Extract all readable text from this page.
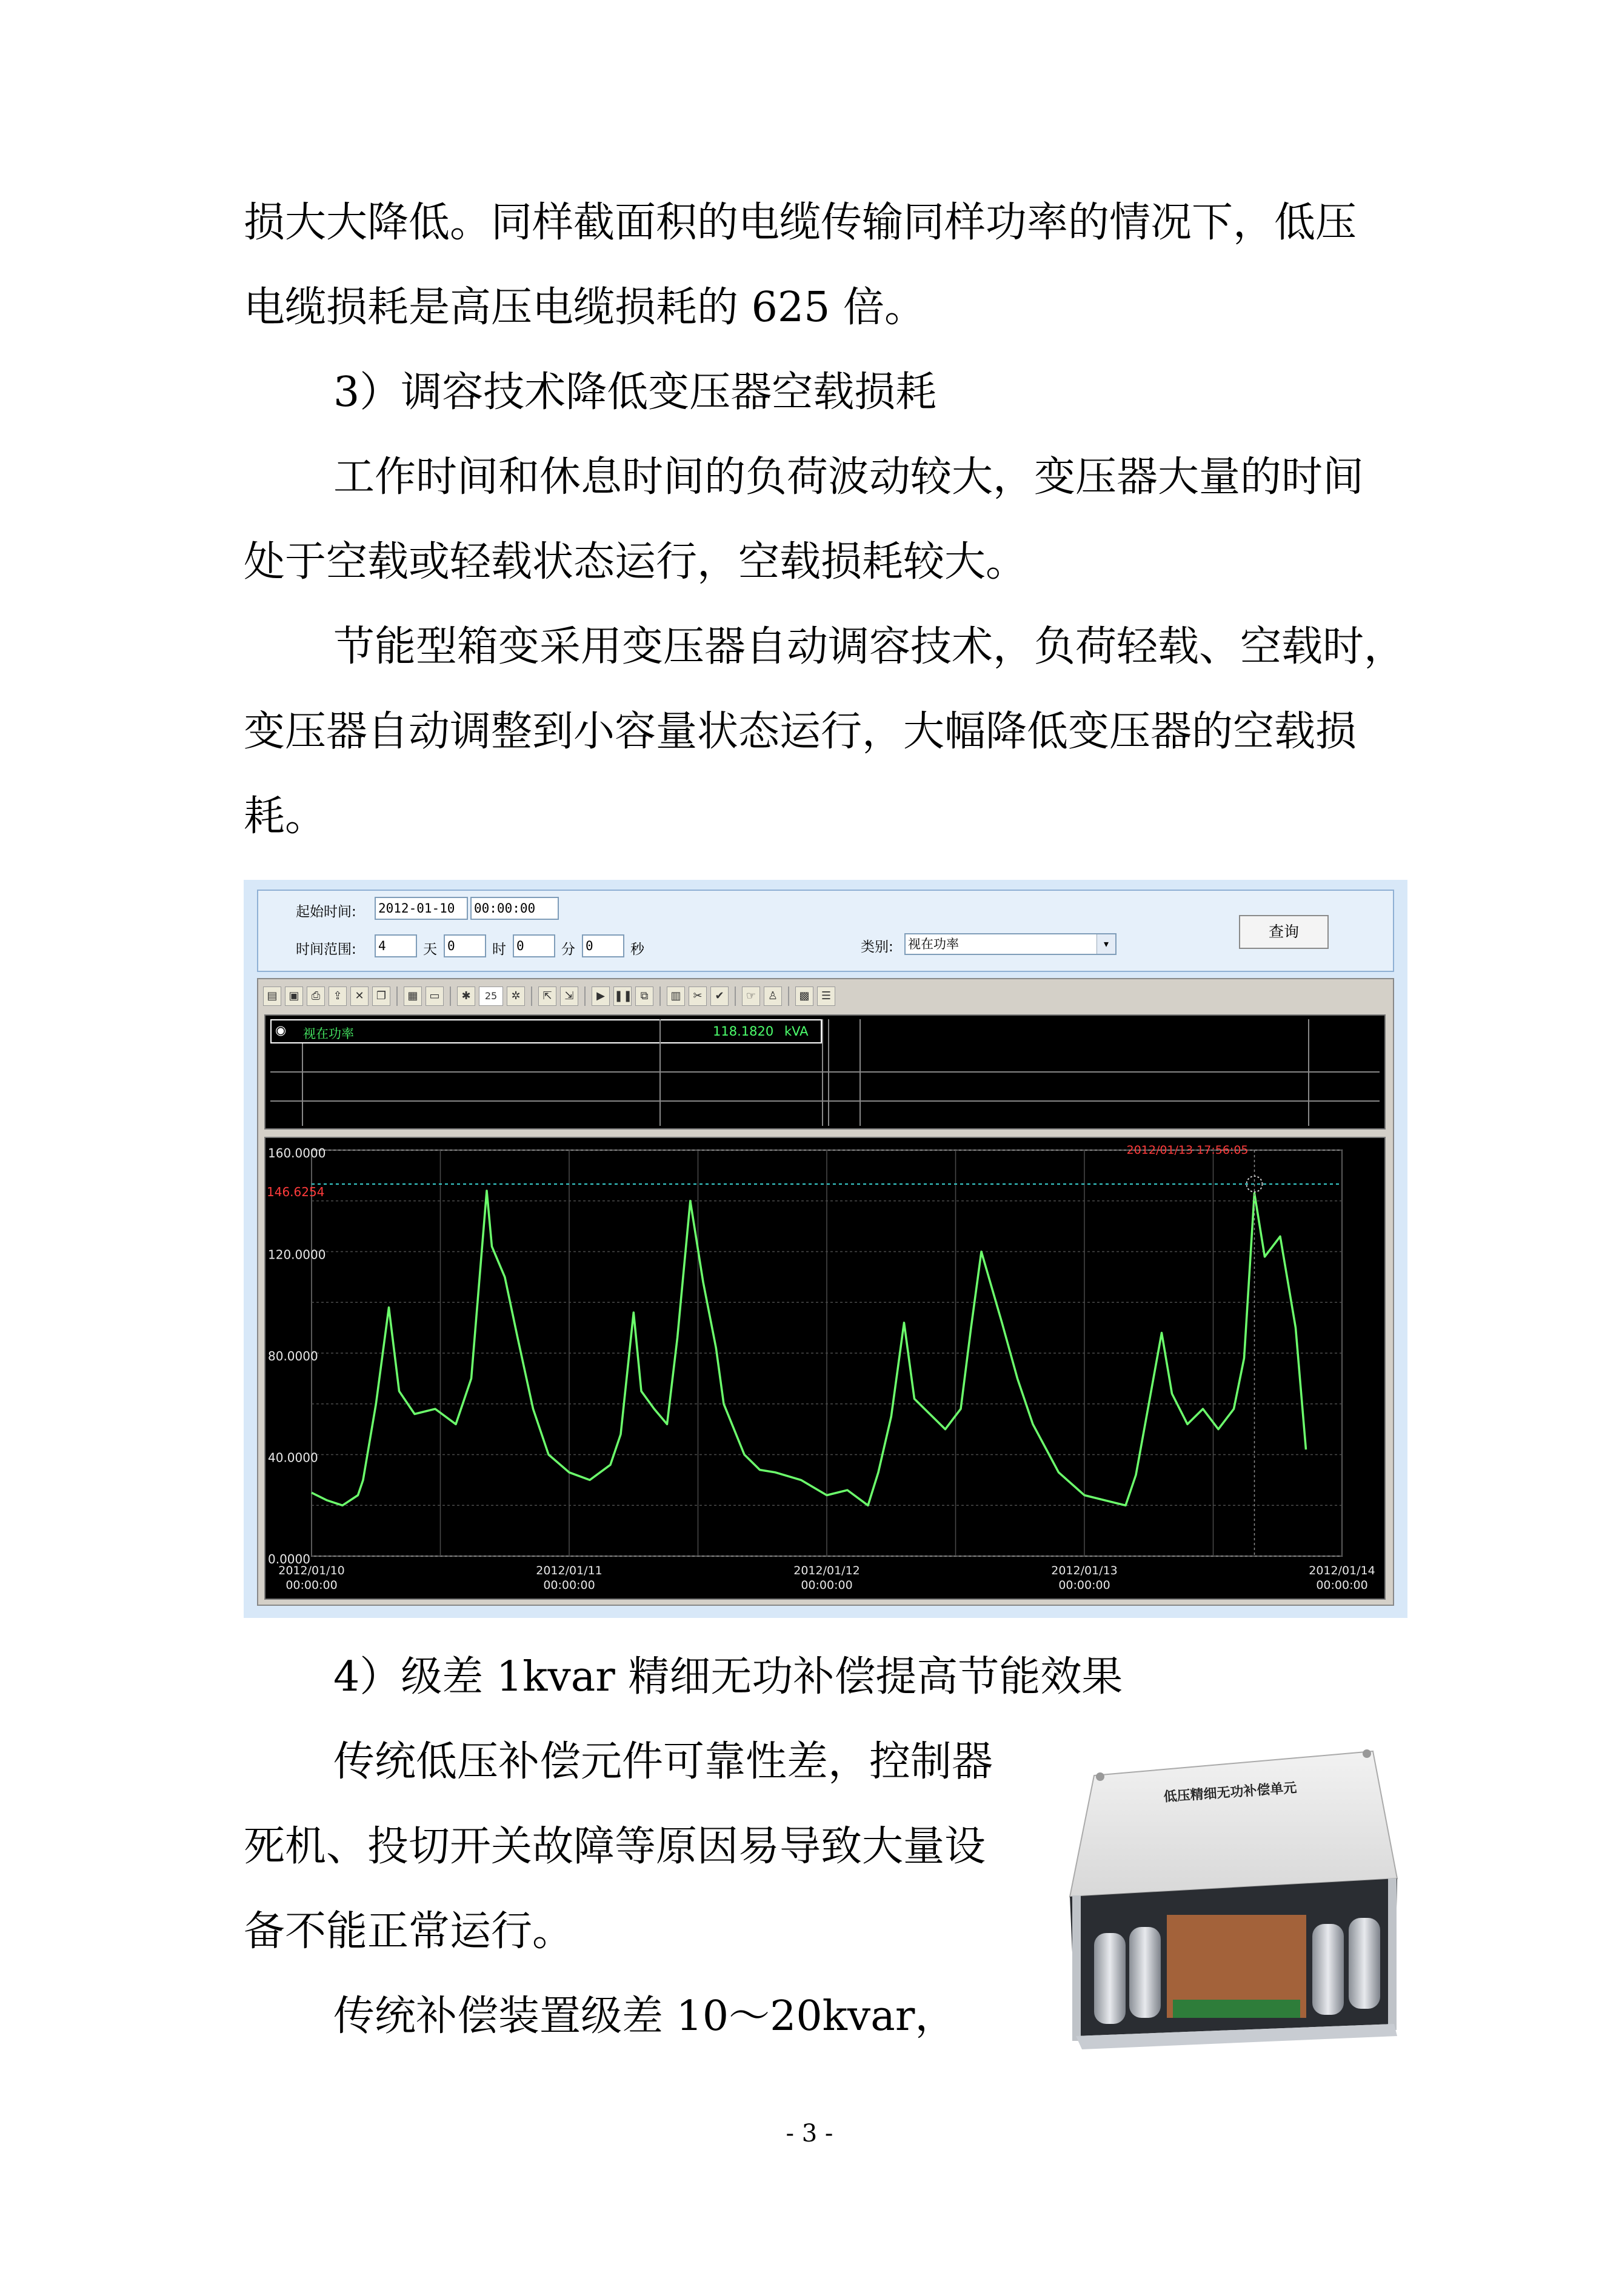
损大大降低。同样截面积的电缆传输同样功率的情况下，低压
电缆损耗是高压电缆损耗的 625 倍。
3）调容技术降低变压器空载损耗
工作时间和休息时间的负荷波动较大，变压器大量的时间
处于空载或轻载状态运行，空载损耗较大。
节能型箱变采用变压器自动调容技术，负荷轻载、空载时，
变压器自动调整到小容量状态运行，大幅降低变压器的空载损
耗。
起始时间: 2012-01-10	00:00:00
时间范围: 4	天 0	时 0	分 0	秒	类别: 视在功率	▾
查询
▤	▣	⎙	⇪	✕	❐	▦	▭	✱	25	✲	⇱	⇲	▶ ❚❚ ⧉	▥	✂	✔	☞	♙	▩	☰
◉ 视在功率	118.1820 kVA
160.0000
120.0000
80.0000
40.0000
0.0000
2012/01/10
00:00:00
2012/01/11
00:00:00
2012/01/12
00:00:00
2012/01/13
00:00:00
2012/01/14
00:00:00
146.6254
2012/01/13 17:56:05
4）级差 1kvar 精细无功补偿提高节能效果
传统低压补偿元件可靠性差，控制器
死机、投切开关故障等原因易导致大量设
备不能正常运行。
传统补偿装置级差 10～20kvar，
低压精细无功补偿单元
- 3 -
